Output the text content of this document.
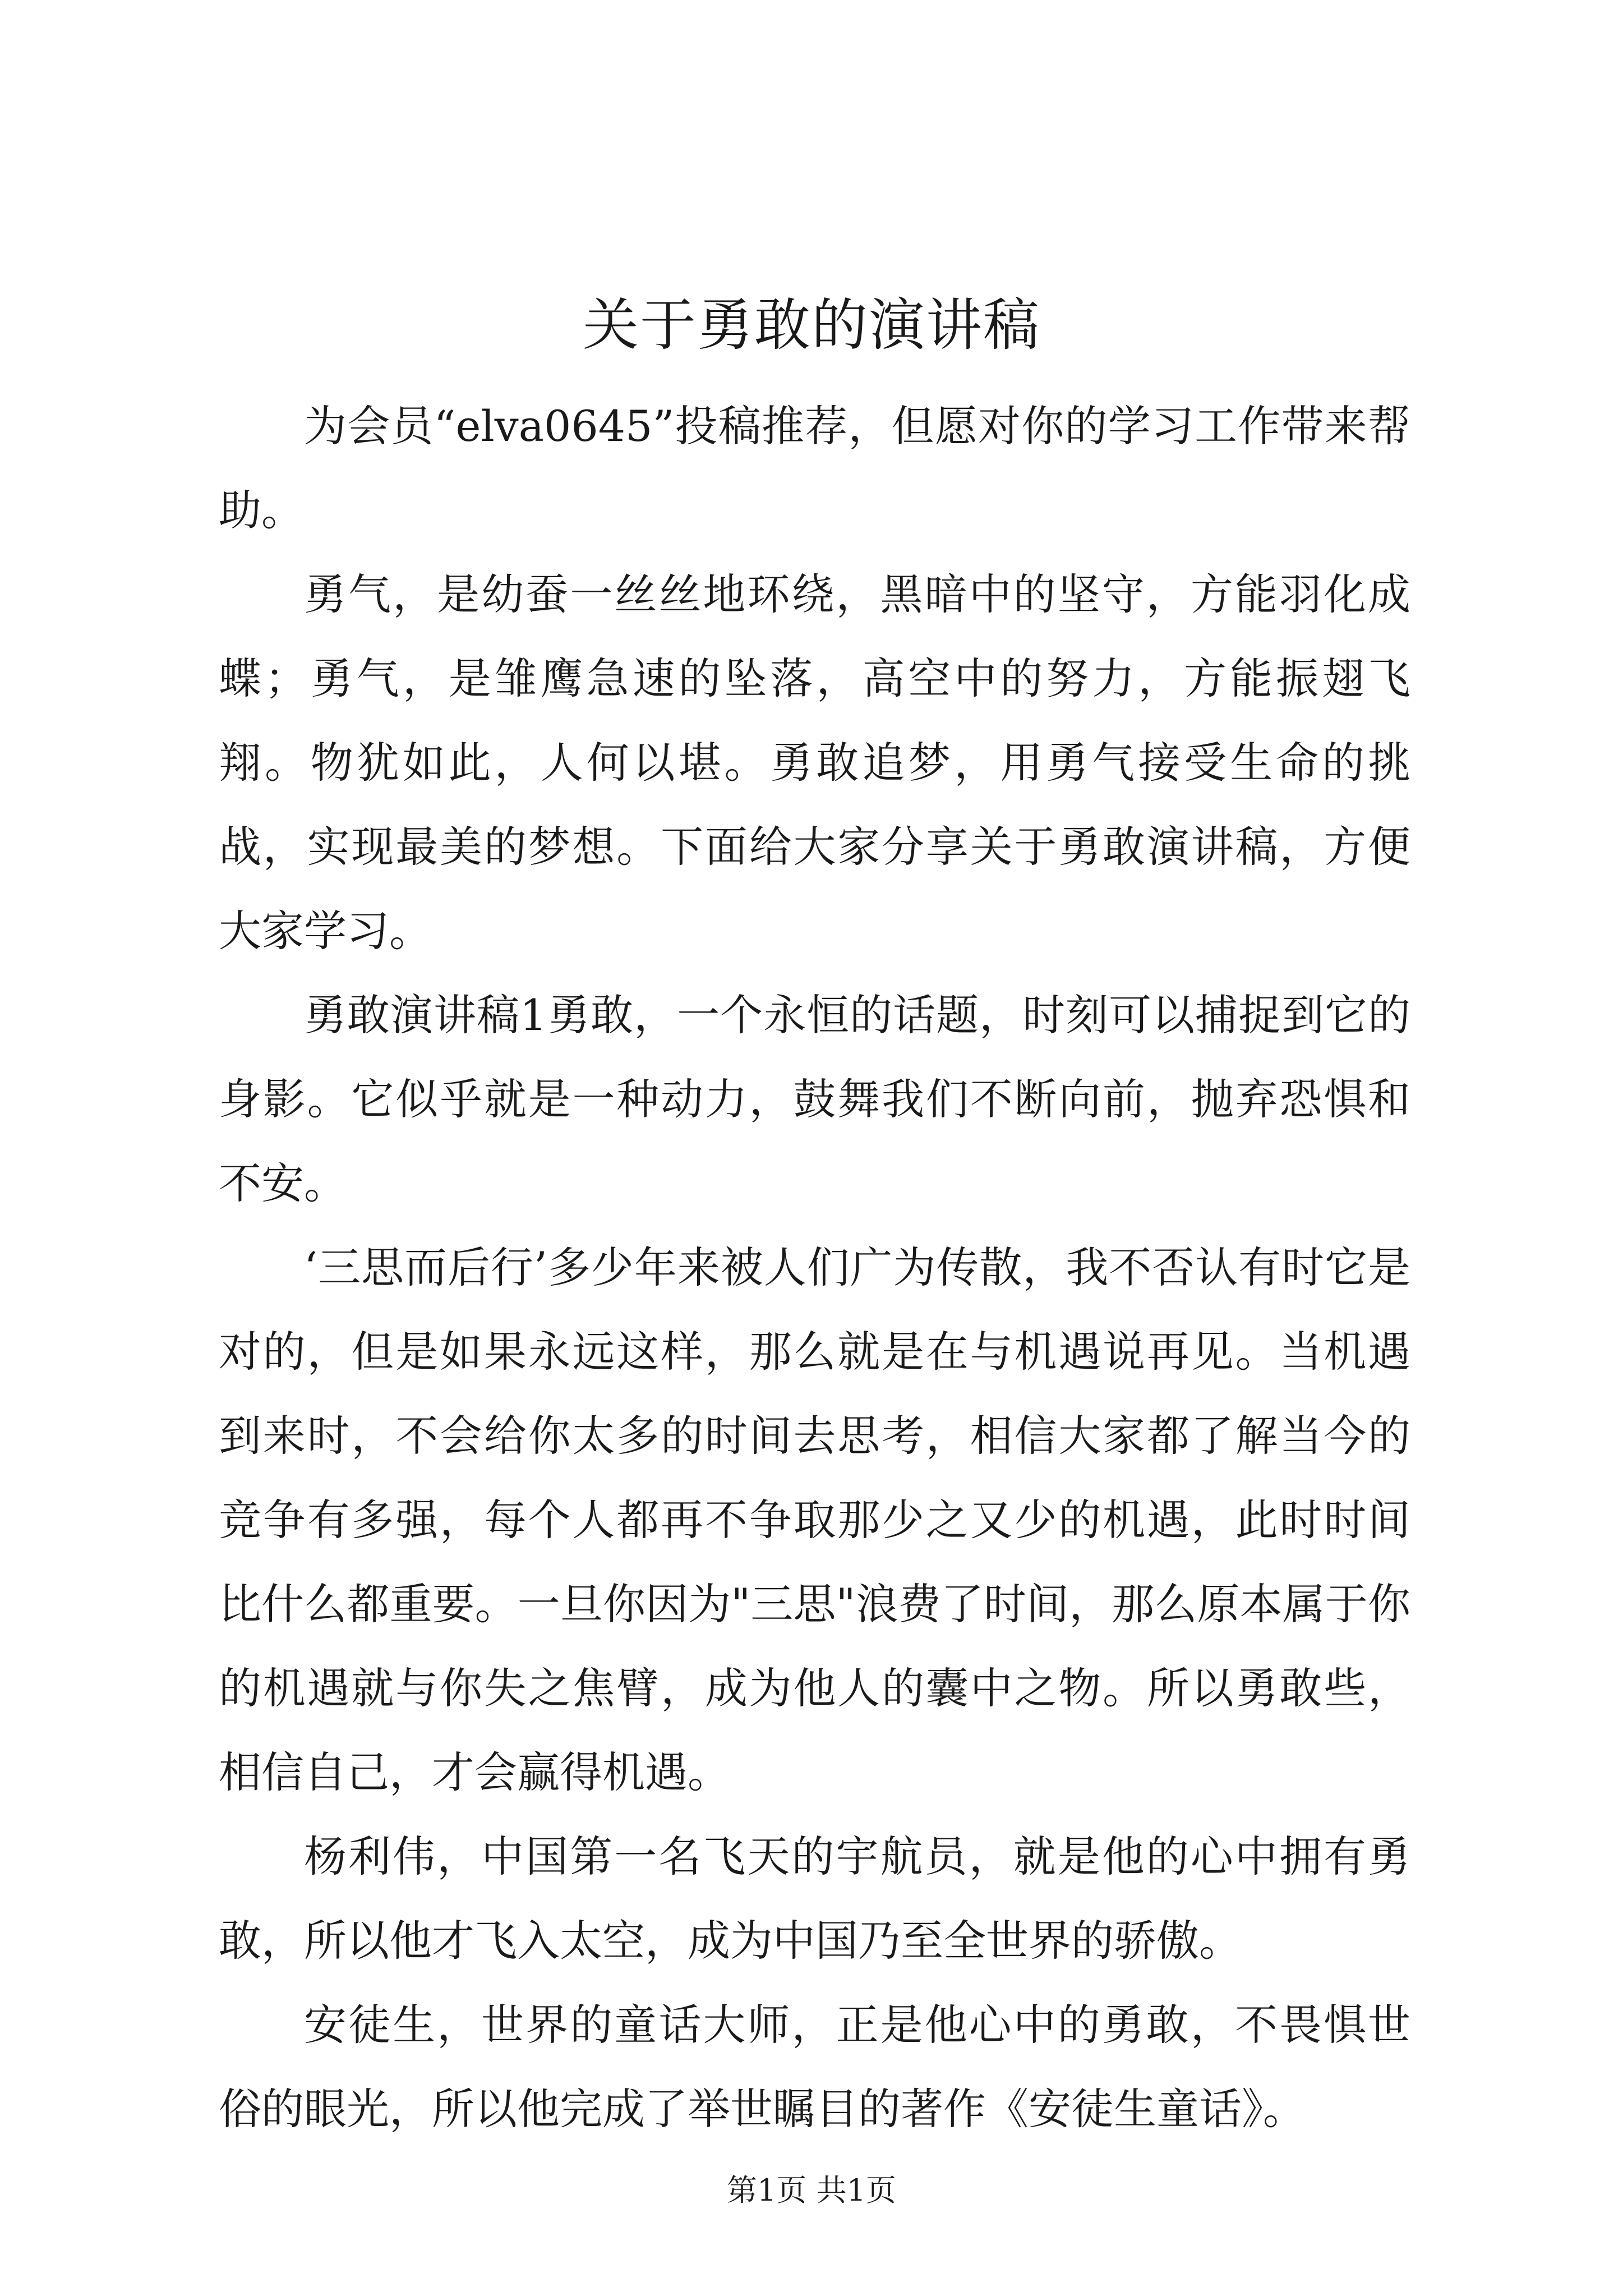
关于勇敢的演讲稿

为会员“elva0645”投稿推荐，但愿对你的学习工作带来帮助。

勇气，是幼蚕一丝丝地环绕，黑暗中的坚守，方能羽化成蝶；勇气，是雏鹰急速的坠落，高空中的努力，方能振翅飞翔。物犹如此，人何以堪。勇敢追梦，用勇气接受生命的挑战，实现最美的梦想。下面给大家分享关于勇敢演讲稿，方便大家学习。

勇敢演讲稿1勇敢，一个永恒的话题，时刻可以捕捉到它的身影。它似乎就是一种动力，鼓舞我们不断向前，抛弃恐惧和不安。

‘三思而后行’多少年来被人们广为传散，我不否认有时它是对的，但是如果永远这样，那么就是在与机遇说再见。当机遇到来时，不会给你太多的时间去思考，相信大家都了解当今的竞争有多强，每个人都再不争取那少之又少的机遇，此时时间比什么都重要。一旦你因为"三思"浪费了时间，那么原本属于你的机遇就与你失之焦臂，成为他人的囊中之物。所以勇敢些，相信自己，才会赢得机遇。

杨利伟，中国第一名飞天的宇航员，就是他的心中拥有勇敢，所以他才飞入太空，成为中国乃至全世界的骄傲。

安徒生，世界的童话大师，正是他心中的勇敢，不畏惧世俗的眼光，所以他完成了举世瞩目的著作《安徒生童话》。

第1页 共1页
